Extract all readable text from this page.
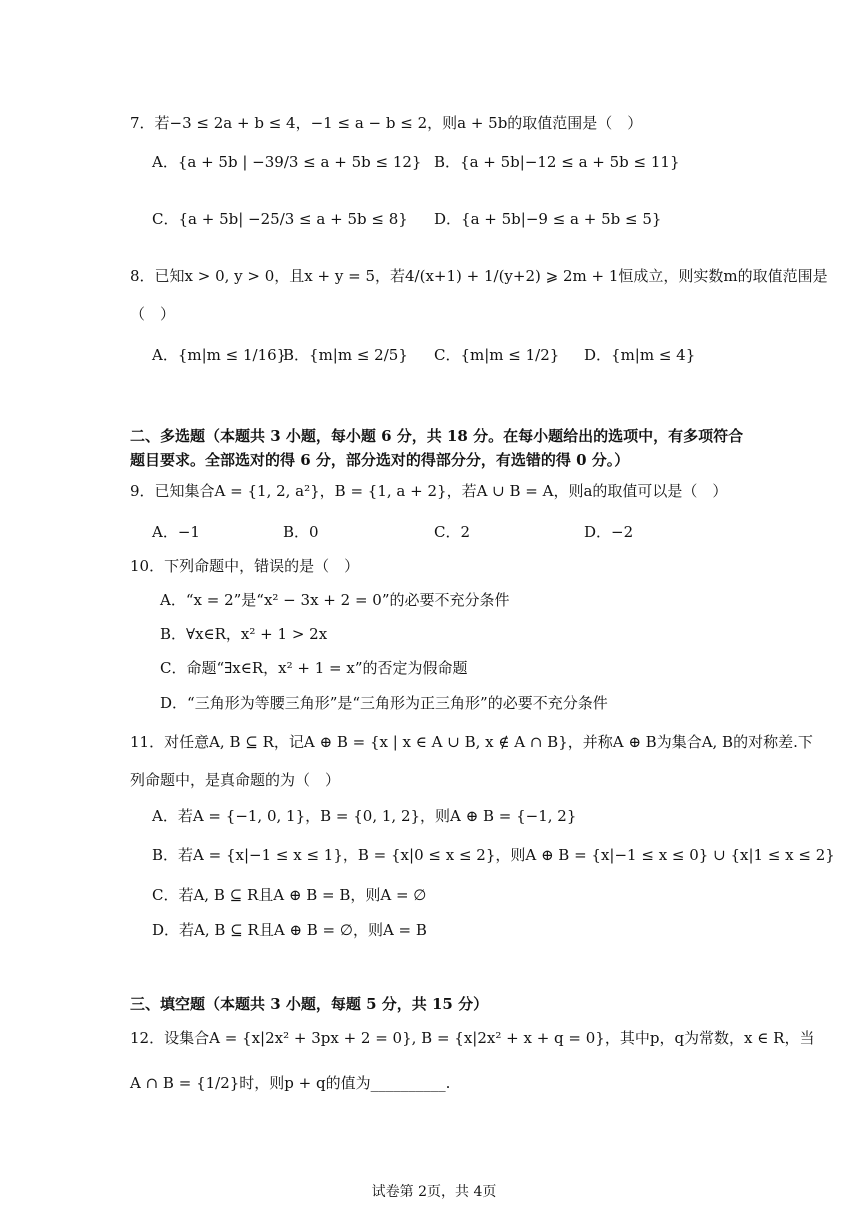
7．若−3 ≤ 2a + b ≤ 4，−1 ≤ a − b ≤ 2，则a + 5b的取值范围是（　）
A．{a + 5b | −39/3 ≤ a + 5b ≤ 12} B．{a + 5b|−12 ≤ a + 5b ≤ 11}
C．{a + 5b| −25/3 ≤ a + 5b ≤ 8} D．{a + 5b|−9 ≤ a + 5b ≤ 5}
8．已知x > 0, y > 0，且x + y = 5，若4/(x+1) + 1/(y+2) ⩾ 2m + 1恒成立，则实数m的取值范围是
（　）
A．{m|m ≤ 1/16}
B．{m|m ≤ 2/5} C．{m|m ≤ 1/2} D．{m|m ≤ 4}
二、多选题（本题共 3 小题，每小题 6 分，共 18 分。在每小题给出的选项中，有多项符合
题目要求。全部选对的得 6 分，部分选对的得部分分，有选错的得 0 分。）
9．已知集合A = {1, 2, a²}，B = {1, a + 2}，若A ∪ B = A，则a的取值可以是（　）
A．−1	B．0	C．2	D．−2
10．下列命题中，错误的是（　）
A．“x = 2”是“x² − 3x + 2 = 0”的必要不充分条件
B．∀x∈R，x² + 1 > 2x
C．命题“∃x∈R，x² + 1 = x”的否定为假命题
D．“三角形为等腰三角形”是“三角形为正三角形”的必要不充分条件
11．对任意A, B ⊆ R，记A ⊕ B = {x | x ∈ A ∪ B, x ∉ A ∩ B}，并称A ⊕ B为集合A, B的对称差.下
列命题中，是真命题的为（　）
A．若A = {−1, 0, 1}，B = {0, 1, 2}，则A ⊕ B = {−1, 2}
B．若A = {x|−1 ≤ x ≤ 1}，B = {x|0 ≤ x ≤ 2}，则A ⊕ B = {x|−1 ≤ x ≤ 0} ∪ {x|1 ≤ x ≤ 2}
C．若A, B ⊆ R且A ⊕ B = B，则A = ∅
D．若A, B ⊆ R且A ⊕ B = ∅，则A = B
三、填空题（本题共 3 小题，每题 5 分，共 15 分）
12．设集合A = {x|2x² + 3px + 2 = 0}, B = {x|2x² + x + q = 0}，其中p，q为常数，x ∈ R，当
A ∩ B = {1/2}时，则p + q的值为__________.
试卷第 2页，共 4页
